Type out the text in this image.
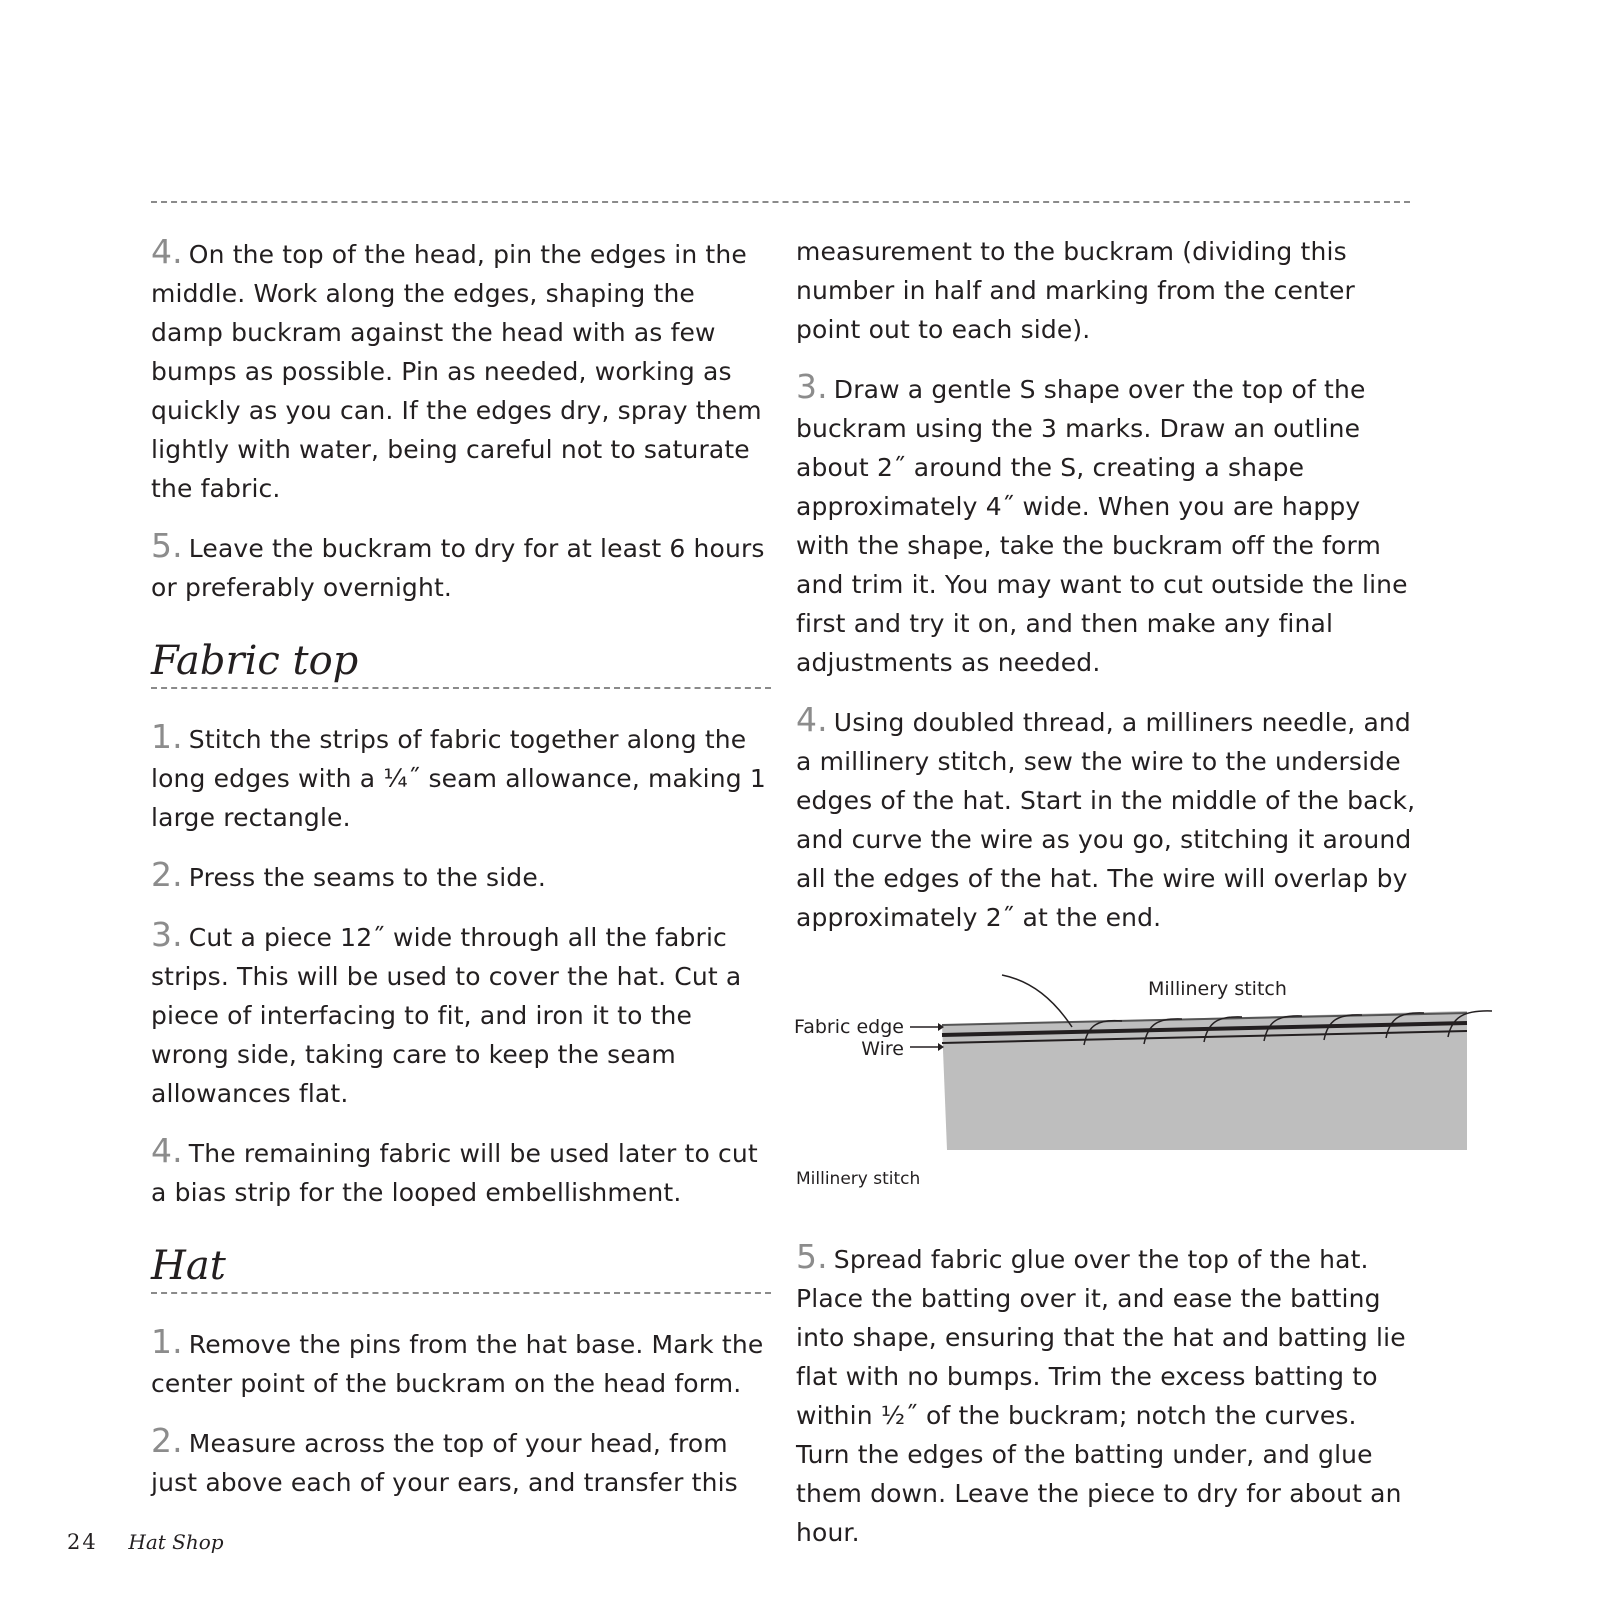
4. On the top of the head, pin the edges in the middle. Work along the edges, shaping the damp buckram against the head with as few bumps as possible. Pin as needed, working as quickly as you can. If the edges dry, spray them lightly with water, being careful not to saturate the fabric.

5. Leave the buckram to dry for at least 6 hours or preferably overnight.

Fabric top

1. Stitch the strips of fabric together along the long edges with a ¼˝ seam allowance, making 1 large rectangle.

2. Press the seams to the side.

3. Cut a piece 12˝ wide through all the fabric strips. This will be used to cover the hat. Cut a piece of interfacing to fit, and iron it to the wrong side, taking care to keep the seam allowances flat.

4. The remaining fabric will be used later to cut a bias strip for the looped embellishment.

Hat

1. Remove the pins from the hat base. Mark the center point of the buckram on the head form.

2. Measure across the top of your head, from just above each of your ears, and transfer this

measurement to the buckram (dividing this number in half and marking from the center point out to each side).

3. Draw a gentle S shape over the top of the buckram using the 3 marks. Draw an outline about 2˝ around the S, creating a shape approximately 4˝ wide. When you are happy with the shape, take the buckram off the form and trim it. You may want to cut outside the line first and try it on, and then make any final adjustments as needed.

4. Using doubled thread, a milliners needle, and a millinery stitch, sew the wire to the underside edges of the hat. Start in the middle of the back, and curve the wire as you go, stitching it around all the edges of the hat. The wire will overlap by approximately 2˝ at the end.

Millinery stitch
Fabric edge
Wire

Millinery stitch

5. Spread fabric glue over the top of the hat. Place the batting over it, and ease the batting into shape, ensuring that the hat and batting lie flat with no bumps. Trim the excess batting to within ½˝ of the buckram; notch the curves. Turn the edges of the batting under, and glue them down. Leave the piece to dry for about an hour.

24 Hat Shop
